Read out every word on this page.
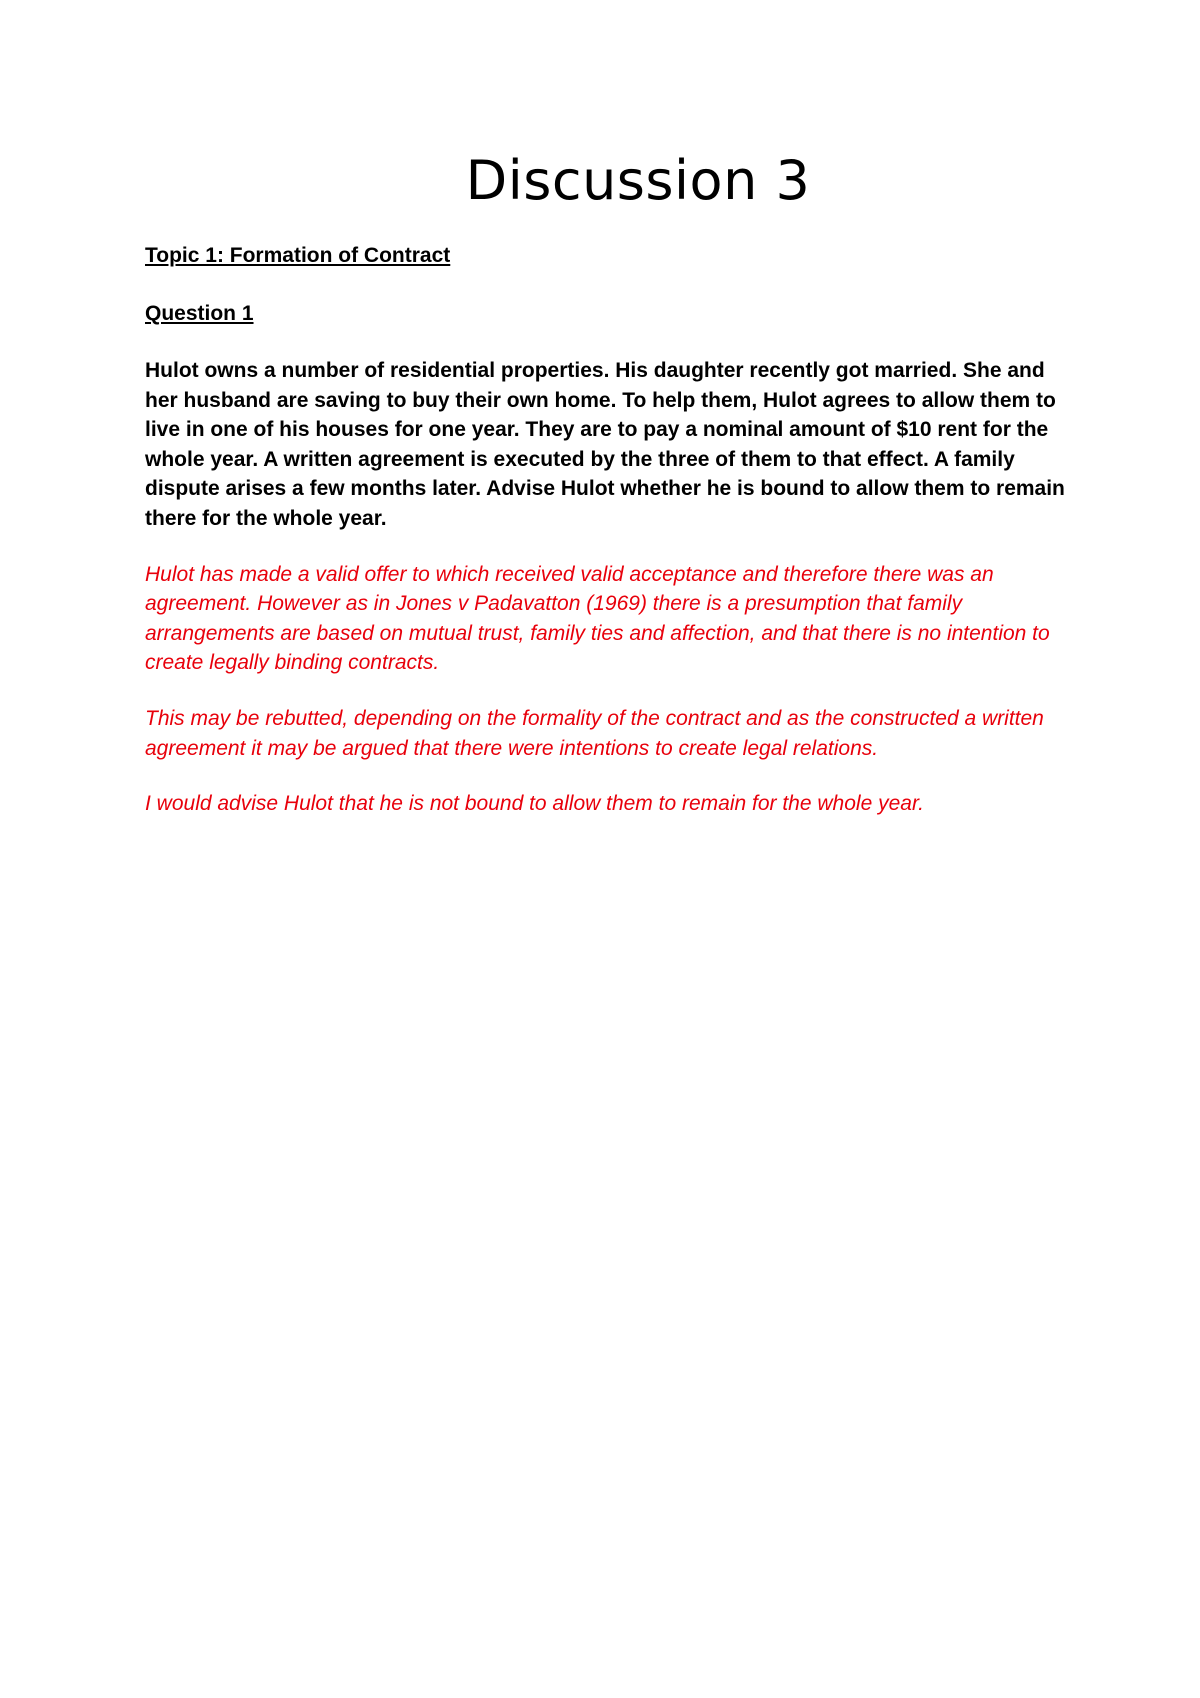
Discussion 3
Topic 1: Formation of Contract
Question 1

Hulot owns a number of residential properties. His daughter recently got married. She and her husband are saving to buy their own home. To help them, Hulot agrees to allow them to live in one of his houses for one year. They are to pay a nominal amount of $10 rent for the whole year. A written agreement is executed by the three of them to that effect. A family dispute arises a few months later. Advise Hulot whether he is bound to allow them to remain there for the whole year.

Hulot has made a valid offer to which received valid acceptance and therefore there was an agreement. However as in Jones v Padavatton (1969) there is a presumption that family arrangements are based on mutual trust, family ties and affection, and that there is no intention to create legally binding contracts.

This may be rebutted, depending on the formality of the contract and as the constructed a written agreement it may be argued that there were intentions to create legal relations.

I would advise Hulot that he is not bound to allow them to remain for the whole year.
